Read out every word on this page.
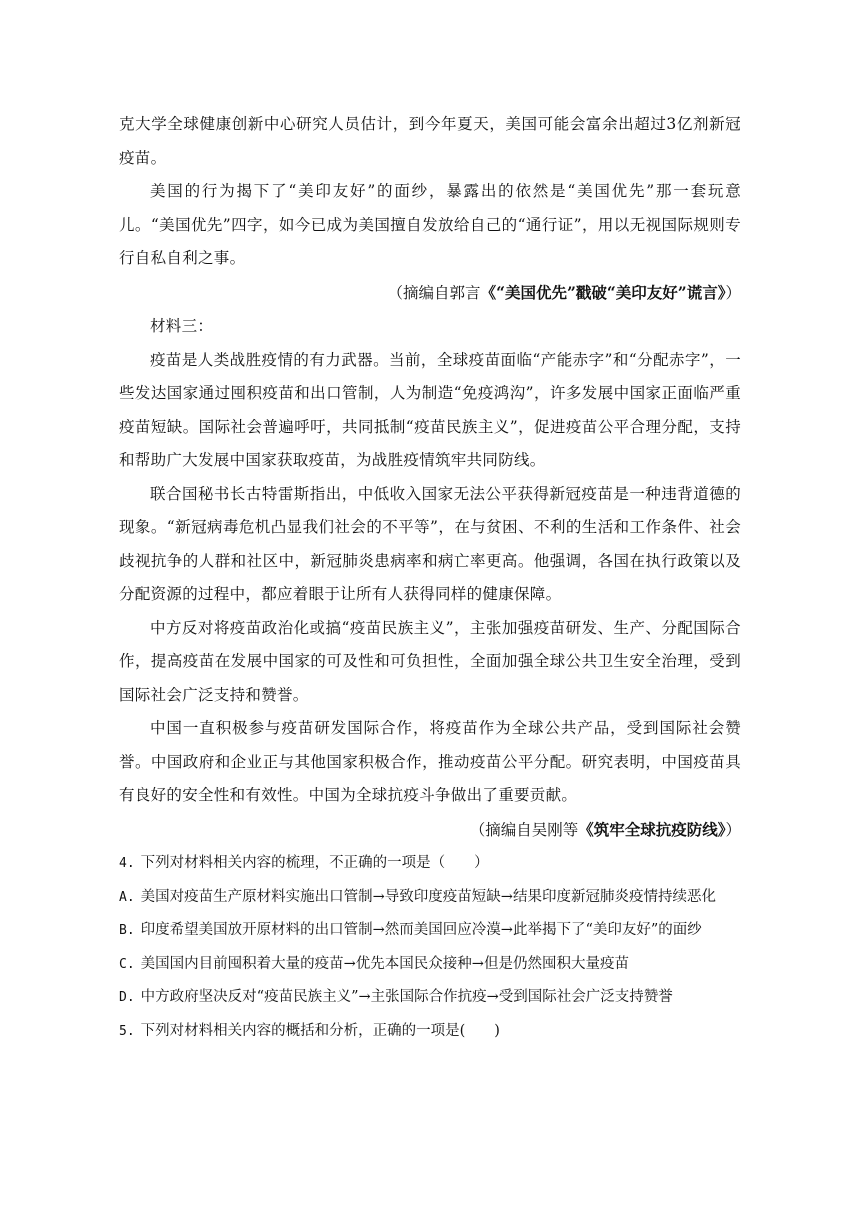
克大学全球健康创新中心研究人员估计，到今年夏天，美国可能会富余出超过3亿剂新冠疫苗。

美国的行为揭下了“美印友好”的面纱，暴露出的依然是“美国优先”那一套玩意儿。“美国优先”四字，如今已成为美国擅自发放给自己的“通行证”，用以无视国际规则专行自私自利之事。

（摘编自郭言《“美国优先”戳破“美印友好”谎言》）

材料三：

疫苗是人类战胜疫情的有力武器。当前，全球疫苗面临“产能赤字”和“分配赤字”，一些发达国家通过囤积疫苗和出口管制，人为制造“免疫鸿沟”，许多发展中国家正面临严重疫苗短缺。国际社会普遍呼吁，共同抵制“疫苗民族主义”，促进疫苗公平合理分配，支持和帮助广大发展中国家获取疫苗，为战胜疫情筑牢共同防线。

联合国秘书长古特雷斯指出，中低收入国家无法公平获得新冠疫苗是一种违背道德的现象。“新冠病毒危机凸显我们社会的不平等”，在与贫困、不利的生活和工作条件、社会歧视抗争的人群和社区中，新冠肺炎患病率和病亡率更高。他强调，各国在执行政策以及分配资源的过程中，都应着眼于让所有人获得同样的健康保障。

中方反对将疫苗政治化或搞“疫苗民族主义”，主张加强疫苗研发、生产、分配国际合作，提高疫苗在发展中国家的可及性和可负担性，全面加强全球公共卫生安全治理，受到国际社会广泛支持和赞誉。

中国一直积极参与疫苗研发国际合作，将疫苗作为全球公共产品，受到国际社会赞誉。中国政府和企业正与其他国家积极合作，推动疫苗公平分配。研究表明，中国疫苗具有良好的安全性和有效性。中国为全球抗疫斗争做出了重要贡献。

（摘编自吴刚等《筑牢全球抗疫防线》）

4. 下列对材料相关内容的梳理，不正确的一项是（　　）

A. 美国对疫苗生产原材料实施出口管制→导致印度疫苗短缺→结果印度新冠肺炎疫情持续恶化

B. 印度希望美国放开原材料的出口管制→然而美国回应冷漠→此举揭下了“美印友好”的面纱

C. 美国国内目前囤积着大量的疫苗→优先本国民众接种→但是仍然囤积大量疫苗

D. 中方政府坚决反对“疫苗民族主义”→主张国际合作抗疫→受到国际社会广泛支持赞誉

5. 下列对材料相关内容的概括和分析，正确的一项是(　　)
